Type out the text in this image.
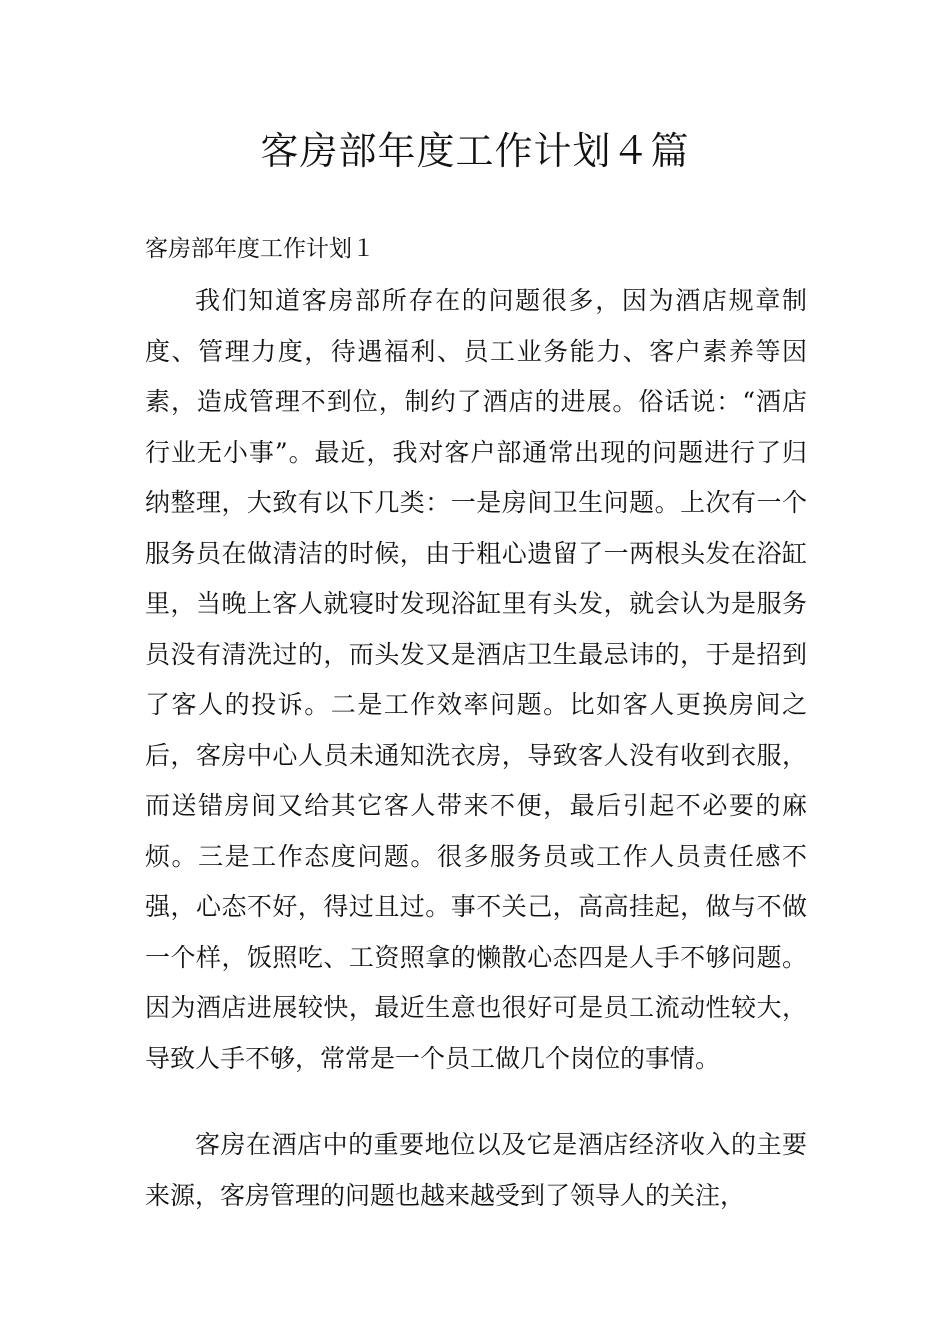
客房部年度工作计划４篇
客房部年度工作计划１

我们知道客房部所存在的问题很多，因为酒店规章制度、管理力度，待遇福利、员工业务能力、客户素养等因素，造成管理不到位，制约了酒店的进展。俗话说：“酒店行业无小事”。最近，我对客户部通常出现的问题进行了归纳整理，大致有以下几类：一是房间卫生问题。上次有一个服务员在做清洁的时候，由于粗心遗留了一两根头发在浴缸里，当晚上客人就寝时发现浴缸里有头发，就会认为是服务员没有清洗过的，而头发又是酒店卫生最忌讳的，于是招到了客人的投诉。二是工作效率问题。比如客人更换房间之后，客房中心人员未通知洗衣房，导致客人没有收到衣服，而送错房间又给其它客人带来不便，最后引起不必要的麻烦。三是工作态度问题。很多服务员或工作人员责任感不强，心态不好，得过且过。事不关己，高高挂起，做与不做一个样，饭照吃、工资照拿的懒散心态四是人手不够问题。因为酒店进展较快，最近生意也很好可是员工流动性较大，导致人手不够，常常是一个员工做几个岗位的事情。

客房在酒店中的重要地位以及它是酒店经济收入的主要来源，客房管理的问题也越来越受到了领导人的关注，
